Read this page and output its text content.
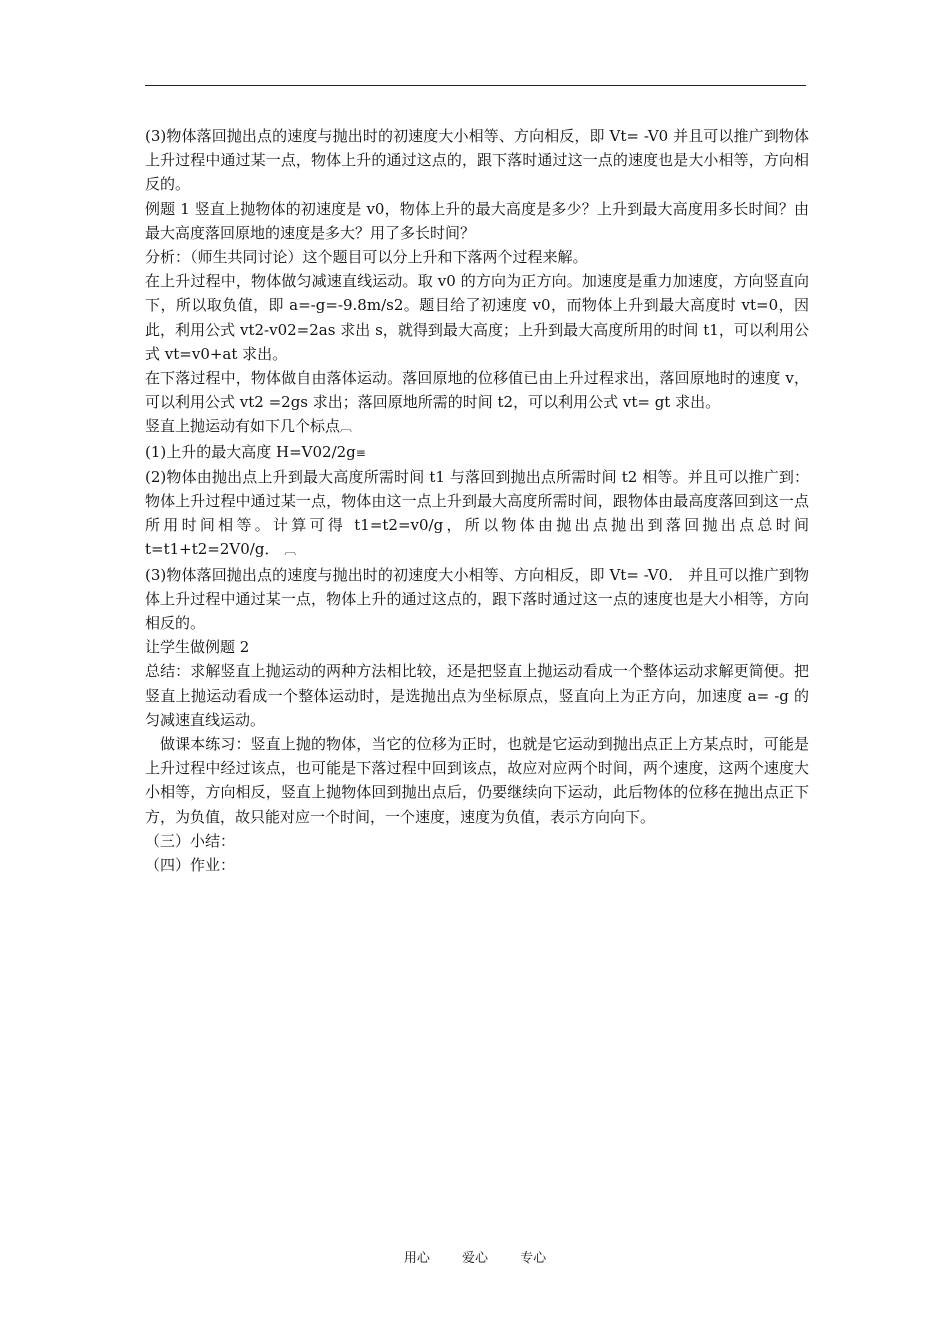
(3)物体落回抛出点的速度与抛出时的初速度大小相等、方向相反，即 Vt= -V0 并且可以推广到物体上升过程中通过某一点，物体上升的通过这点的，跟下落时通过这一点的速度也是大小相等，方向相反的。

例题 1 竖直上抛物体的初速度是 v0，物体上升的最大高度是多少？上升到最大高度用多长时间？由最大高度落回原地的速度是多大？用了多长时间？

分析：（师生共同讨论）这个题目可以分上升和下落两个过程来解。

在上升过程中，物体做匀减速直线运动。取 v0 的方向为正方向。加速度是重力加速度，方向竖直向下，所以取负值，即 a=-g=-9.8m/s2。题目给了初速度 v0，而物体上升到最大高度时 vt=0，因此，利用公式 vt2-v02=2as 求出 s，就得到最大高度；上升到最大高度所用的时间 t1，可以利用公式 vt=v0+at 求出。

在下落过程中，物体做自由落体运动。落回原地的位移值已由上升过程求出，落回原地时的速度 v，可以利用公式 vt2 =2gs 求出；落回原地所需的时间 t2，可以利用公式 vt= gt 求出。

竖直上抛运动有如下几个标点︹

(1)上升的最大高度 H=V02/2g≡

(2)物体由抛出点上升到最大高度所需时间 t1 与落回到抛出点所需时间 t2 相等。并且可以推广到：物体上升过程中通过某一点，物体由这一点上升到最大高度所需时间，跟物体由最高度落回到这一点所用时间相等。计算可得 t1=t2=v0/g，所以物体由抛出点抛出到落回抛出点总时间 t=t1+t2=2V0/g． ︹

(3)物体落回抛出点的速度与抛出时的初速度大小相等、方向相反，即 Vt= -V0． 并且可以推广到物体上升过程中通过某一点，物体上升的通过这点的，跟下落时通过这一点的速度也是大小相等，方向相反的。

让学生做例题 2

总结：求解竖直上抛运动的两种方法相比较，还是把竖直上抛运动看成一个整体运动求解更简便。把竖直上抛运动看成一个整体运动时，是选抛出点为坐标原点，竖直向上为正方向，加速度 a= -g 的匀减速直线运动。

做课本练习：竖直上抛的物体，当它的位移为正时，也就是它运动到抛出点正上方某点时，可能是上升过程中经过该点，也可能是下落过程中回到该点，故应对应两个时间，两个速度，这两个速度大小相等，方向相反，竖直上抛物体回到抛出点后，仍要继续向下运动，此后物体的位移在抛出点正下方，为负值，故只能对应一个时间，一个速度，速度为负值，表示方向向下。

（三）小结：

（四）作业：

用心 爱心 专心
